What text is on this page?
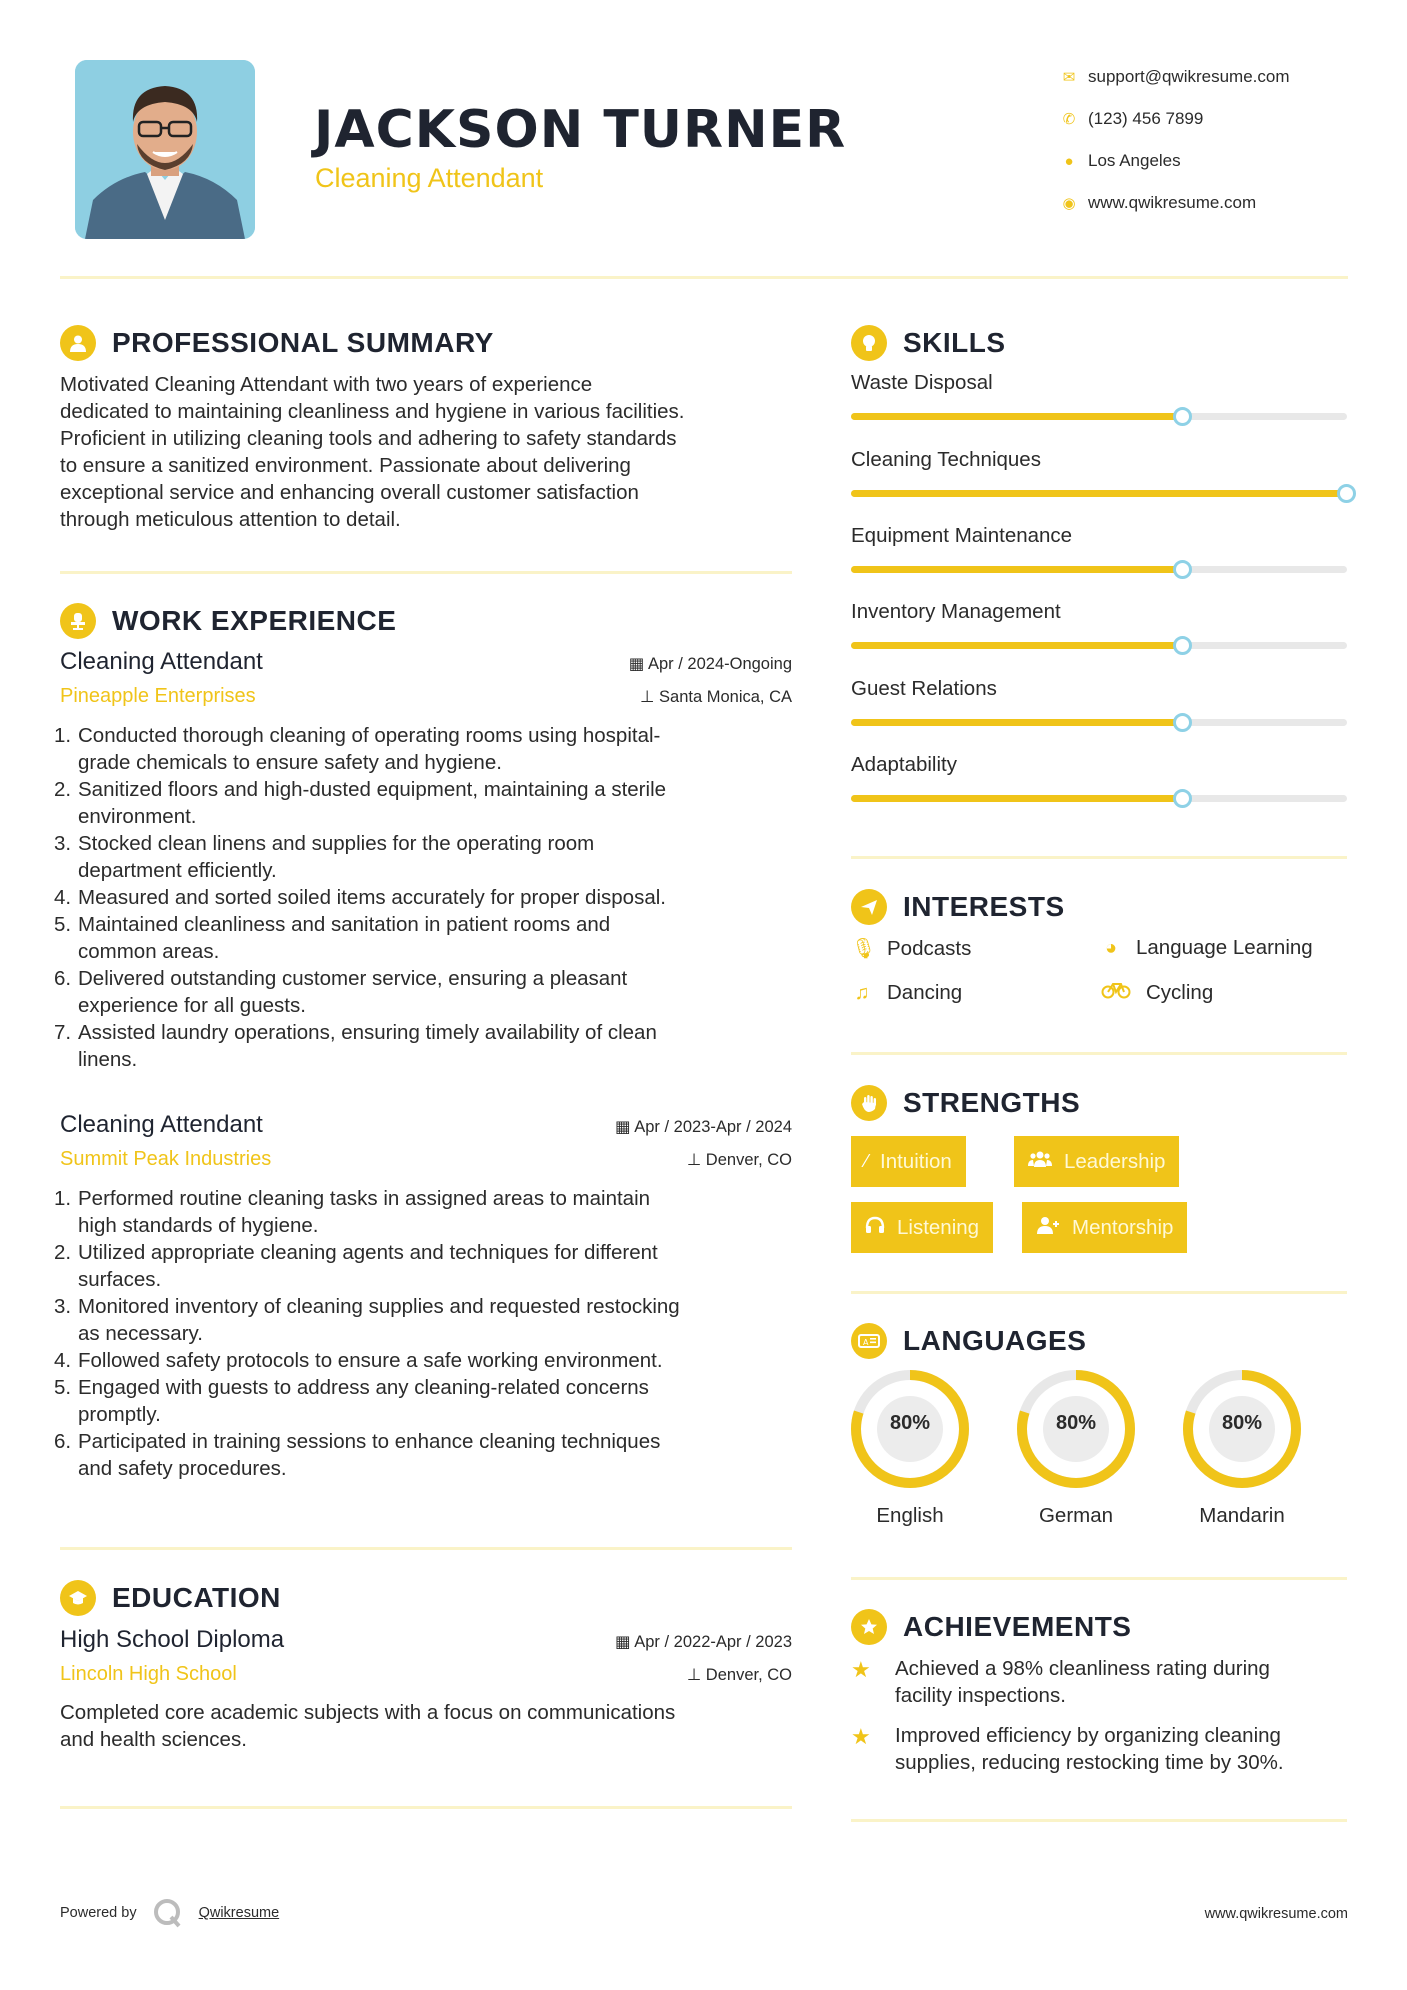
JACKSON TURNER
Cleaning Attendant
✉ support@qwikresume.com
✆ (123) 456 7899
● Los Angeles
◉ www.qwikresume.com
PROFESSIONAL SUMMARY
Motivated Cleaning Attendant with two years of experience
dedicated to maintaining cleanliness and hygiene in various facilities.
Proficient in utilizing cleaning tools and adhering to safety standards
to ensure a sanitized environment. Passionate about delivering
exceptional service and enhancing overall customer satisfaction
through meticulous attention to detail.
WORK EXPERIENCE
Cleaning Attendant	▦ Apr / 2024-Ongoing
Pineapple Enterprises	⊥ Santa Monica, CA
1. Conducted thorough cleaning of operating rooms using hospital-
grade chemicals to ensure safety and hygiene.
2. Sanitized floors and high-dusted equipment, maintaining a sterile
environment.
3. Stocked clean linens and supplies for the operating room
department efficiently.
4. Measured and sorted soiled items accurately for proper disposal.
5. Maintained cleanliness and sanitation in patient rooms and
common areas.
6. Delivered outstanding customer service, ensuring a pleasant
experience for all guests.
7. Assisted laundry operations, ensuring timely availability of clean
linens.
Cleaning Attendant	▦ Apr / 2023-Apr / 2024
Summit Peak Industries	⊥ Denver, CO
1. Performed routine cleaning tasks in assigned areas to maintain
high standards of hygiene.
2. Utilized appropriate cleaning agents and techniques for different
surfaces.
3. Monitored inventory of cleaning supplies and requested restocking
as necessary.
4. Followed safety protocols to ensure a safe working environment.
5. Engaged with guests to address any cleaning-related concerns
promptly.
6. Participated in training sessions to enhance cleaning techniques
and safety procedures.
EDUCATION
High School Diploma	▦ Apr / 2022-Apr / 2023
Lincoln High School	⊥ Denver, CO
Completed core academic subjects with a focus on communications
and health sciences.
SKILLS
Waste Disposal
Cleaning Techniques
Equipment Maintenance
Inventory Management
Guest Relations
Adaptability
INTERESTS
🎙︎ Podcasts	◕ Language Learning
♫ Dancing	Cycling
STRENGTHS
⁄ Intuition	Leadership
Listening	Mentorship
A LANGUAGES
80%
English
80%
German
80%
Mandarin
ACHIEVEMENTS
★	Achieved a 98% cleanliness rating during
facility inspections.
★	Improved efficiency by organizing cleaning
supplies, reducing restocking time by 30%.
Powered by	Qwikresume	www.qwikresume.com
